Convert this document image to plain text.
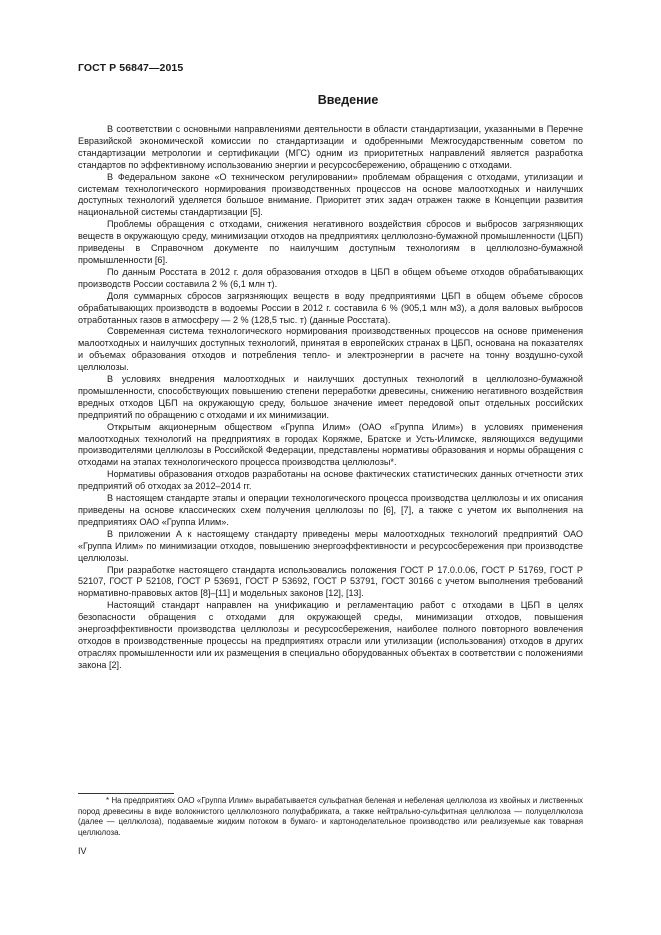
ГОСТ Р 56847—2015
Введение

В соответствии с основными направлениями деятельности в области стандартизации, указанными в Перечне Евразийской экономической комиссии по стандартизации и одобренными Межгосударственным советом по стандартизации метрологии и сертификации (МГС) одним из приоритетных направлений является разработка стандартов по эффективному использованию энергии и ресурсосбережению, обращению с отходами.

В Федеральном законе «О техническом регулировании» проблемам обращения с отходами, утилизации и системам технологического нормирования производственных процессов на основе малоотходных и наилучших доступных технологий уделяется большое внимание. Приоритет этих задач отражен также в Концепции развития национальной системы стандартизации [5].

Проблемы обращения с отходами, снижения негативного воздействия сбросов и выбросов загрязняющих веществ в окружающую среду, минимизации отходов на предприятиях целлюлозно-бумажной промышленности (ЦБП) приведены в Справочном документе по наилучшим доступным технологиям в целлюлозно-бумажной промышленности [6].

По данным Росстата в 2012 г. доля образования отходов в ЦБП в общем объеме отходов обрабатывающих производств России составила 2 % (6,1 млн т).

Доля суммарных сбросов загрязняющих веществ в воду предприятиями ЦБП в общем объеме сбросов обрабатывающих производств в водоемы России в 2012 г. составила 6 % (905,1 млн м3), а доля валовых выбросов отработанных газов в атмосферу — 2 % (128,5 тыс. т) (данные Росстата).

Современная система технологического нормирования производственных процессов на основе применения малоотходных и наилучших доступных технологий, принятая в европейских странах в ЦБП, основана на показателях и объемах образования отходов и потребления тепло- и электроэнергии в расчете на тонну воздушно-сухой целлюлозы.

В условиях внедрения малоотходных и наилучших доступных технологий в целлюлозно-бумажной промышленности, способствующих повышению степени переработки древесины, снижению негативного воздействия вредных отходов ЦБП на окружающую среду, большое значение имеет передовой опыт отдельных российских предприятий по обращению с отходами и их минимизации.

Открытым акционерным обществом «Группа Илим» (ОАО «Группа Илим») в условиях применения малоотходных технологий на предприятиях в городах Коряжме, Братске и Усть-Илимске, являющихся ведущими производителями целлюлозы в Российской Федерации, представлены нормативы образования и нормы обращения с отходами на этапах технологического процесса производства целлюлозы*.

Нормативы образования отходов разработаны на основе фактических статистических данных отчетности этих предприятий об отходах за 2012–2014 гг.

В настоящем стандарте этапы и операции технологического процесса производства целлюлозы и их описания приведены на основе классических схем получения целлюлозы по [6], [7], а также с учетом их выполнения на предприятиях ОАО «Группа Илим».

В приложении А к настоящему стандарту приведены меры малоотходных технологий предприятий ОАО «Группа Илим» по минимизации отходов, повышению энергоэффективности и ресурсосбережения при производстве целлюлозы.

При разработке настоящего стандарта использовались положения ГОСТ Р 17.0.0.06, ГОСТ Р 51769, ГОСТ Р 52107, ГОСТ Р 52108, ГОСТ Р 53691, ГОСТ Р 53692, ГОСТ Р 53791, ГОСТ 30166 с учетом выполнения требований нормативно-правовых актов [8]–[11] и модельных законов [12], [13].

Настоящий стандарт направлен на унификацию и регламентацию работ с отходами в ЦБП в целях безопасности обращения с отходами для окружающей среды, минимизации отходов, повышения энергоэффективности производства целлюлозы и ресурсосбережения, наиболее полного повторного вовлечения отходов в производственные процессы на предприятиях отрасли или утилизации (использования) отходов в других отраслях промышленности или их размещения в специально оборудованных объектах в соответствии с положениями закона [2].

* На предприятиях ОАО «Группа Илим» вырабатывается сульфатная беленая и небеленая целлюлоза из хвойных и лиственных пород древесины в виде волокнистого целлюлозного полуфабриката, а также нейтрально-сульфитная целлюлоза — полуцеллюлоза (далее — целлюлоза), подаваемые жидким потоком в бумаго- и картоноделательное производство или реализуемые как товарная целлюлоза.

IV
